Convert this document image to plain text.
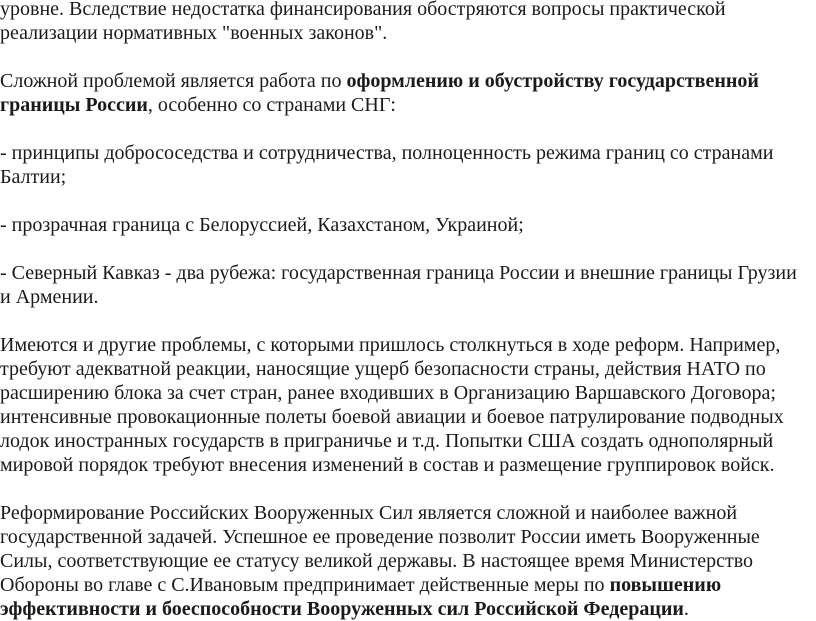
уровне. Вследствие недостатка финансирования обостряются вопросы практической реализации нормативных "военных законов".

Сложной проблемой является работа по оформлению и обустройству государственной границы России, особенно со странами СНГ:

- принципы добрососедства и сотрудничества, полноценность режима границ со странами Балтии;

- прозрачная граница с Белоруссией, Казахстаном, Украиной;

- Северный Кавказ - два рубежа: государственная граница России и внешние границы Грузии и Армении.

Имеются и другие проблемы, с которыми пришлось столкнуться в ходе реформ. Например, требуют адекватной реакции, наносящие ущерб безопасности страны, действия НАТО по расширению блока за счет стран, ранее входивших в Организацию Варшавского Договора; интенсивные провокационные полеты боевой авиации и боевое патрулирование подводных лодок иностранных государств в приграничье и т.д. Попытки США создать однополярный мировой порядок требуют внесения изменений в состав и размещение группировок войск.

Реформирование Российских Вооруженных Сил является сложной и наиболее важной государственной задачей. Успешное ее проведение позволит России иметь Вооруженные Силы, соответствующие ее статусу великой державы. В настоящее время Министерство Обороны во главе с С.Ивановым предпринимает действенные меры по повышению эффективности и боеспособности Вооруженных сил Российской Федерации.
